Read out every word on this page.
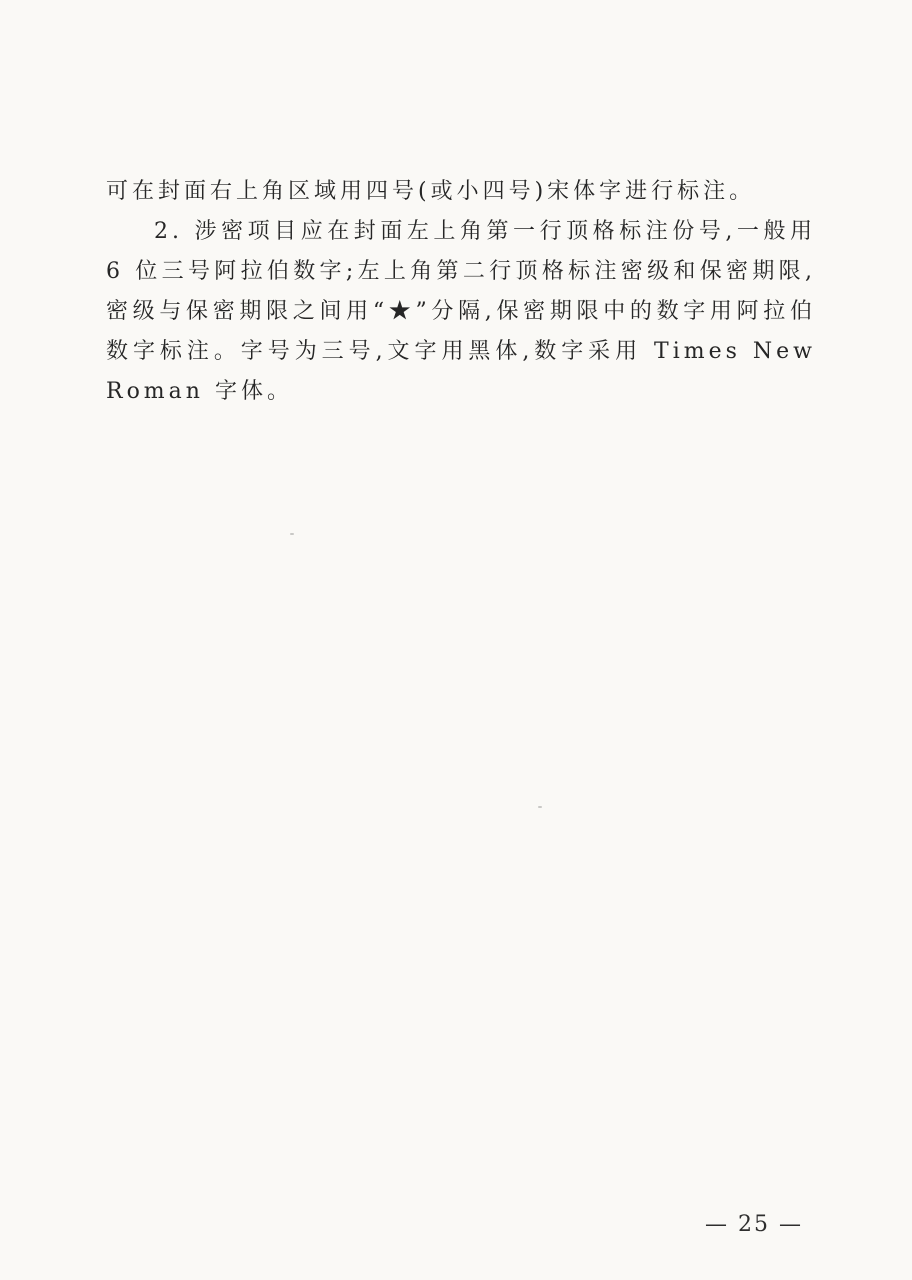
可在封面右上角区域用四号(或小四号)宋体字进行标注。

2. 涉密项目应在封面左上角第一行顶格标注份号,一般用 6 位三号阿拉伯数字;左上角第二行顶格标注密级和保密期限,密级与保密期限之间用“★”分隔,保密期限中的数字用阿拉伯数字标注。字号为三号,文字用黑体,数字采用 Times New Roman 字体。

— 25 —
